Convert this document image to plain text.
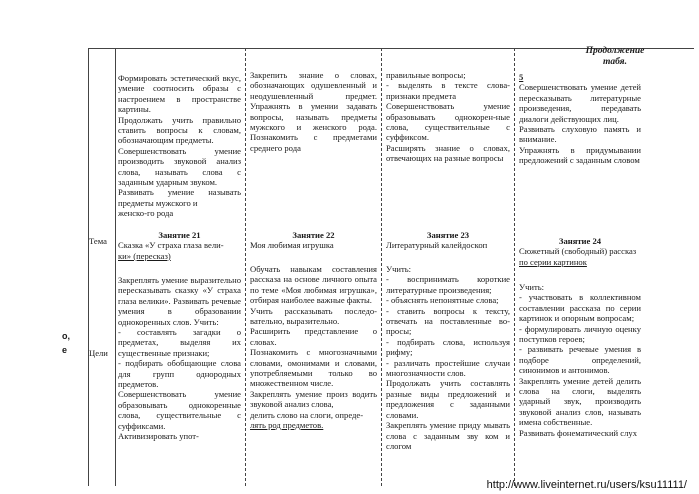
Продолжение
табя.
о,
е
Тема
Цели

Формировать эстетический вкус, умение соотносить образы с настроением в пространстве картины.

Продолжать учить правильно ставить вопросы к словам, обозначающим предметы.

Совершенствовать умение производить звуковой анализ слова, называть слова с заданным ударным звуком.

Развивать умение называть предметы мужского и

женско-го рода

Занятие 21

Сказка «У страха глаза вели-

ки» (пересказ)

Закреплять умение выразительно пересказывать сказку «У страха глаза велики». Развивать речевые умения в образовании однокоренных слов. Учить:

- составлять загадки о предметах, выделяя их существенные признаки;

- подбирать обобщающие слова для групп однородных предметов.

Совершенствовать умение образовывать однокоренные слова, существительные с суффиксами.

Активизировать упот-

Закрепить знание о словах, обозначающих одушевленный и неодушевленный предмет. Упражнять в умении задавать вопросы, называть предметы мужского и женского рода. Познакомить с предметами среднего рода

Занятие 22

Моя любимая игрушка

Обучать навыкам составления рассказа на основе личного опыта по теме «Моя любимая игрушка», отбирая наиболее важные факты.

Учить рассказывать последовательно, выразительно.

Расширить представление о словах.

Познакомить с многозначными словами, омонимами и словами, употребляемыми только во множественном числе.

Закреплять умение произ водить звуковой анализ слова,

делить слово на слоги, опреде-

лять род предметов.

правильные вопросы;

- выделять в тексте слова-признаки предмета

Совершенствовать умение образовывать однокорен-ные слова, существительные с суффиксом.

Расширять знание о словах, отвечающих на разные вопросы

Занятие 23

Литературный калейдоскоп

Учить:

- воспринимать короткие литературные произведения;

- объяснять непонятные слова;

- ставить вопросы к тексту, отвечать на поставленные вопросы;

- подбирать слова, используя рифму;

- различать простейшие случаи многозначности слов.

Продолжать учить составлять разные виды предложений и предложения с заданными словами.

Закреплять умение приду мывать слова с заданным зву ком и слогом

5

Совершенствовать умение детей пересказывать литературные произведения, передавать диалоги действующих лиц.

Развивать слуховую память и внимание.

Упражнять в придумывании предложений с заданным словом

Занятие 24

Сюжетный (свободный) рассказ

по серии картинок

Учить:

- участвовать в коллективном составлении рассказа по серии картинок и опорным вопросам;

- формулировать личную оценку поступков героев;

- развивать речевые умения в подборе определений, синонимов и антонимов.

Закреплять умение детей делить слова на слоги, выделять ударный звук, производить звуковой анализ слов, называть имена собственные.

Развивать фонематический слух

http://www.liveinternet.ru/users/ksu11111/
